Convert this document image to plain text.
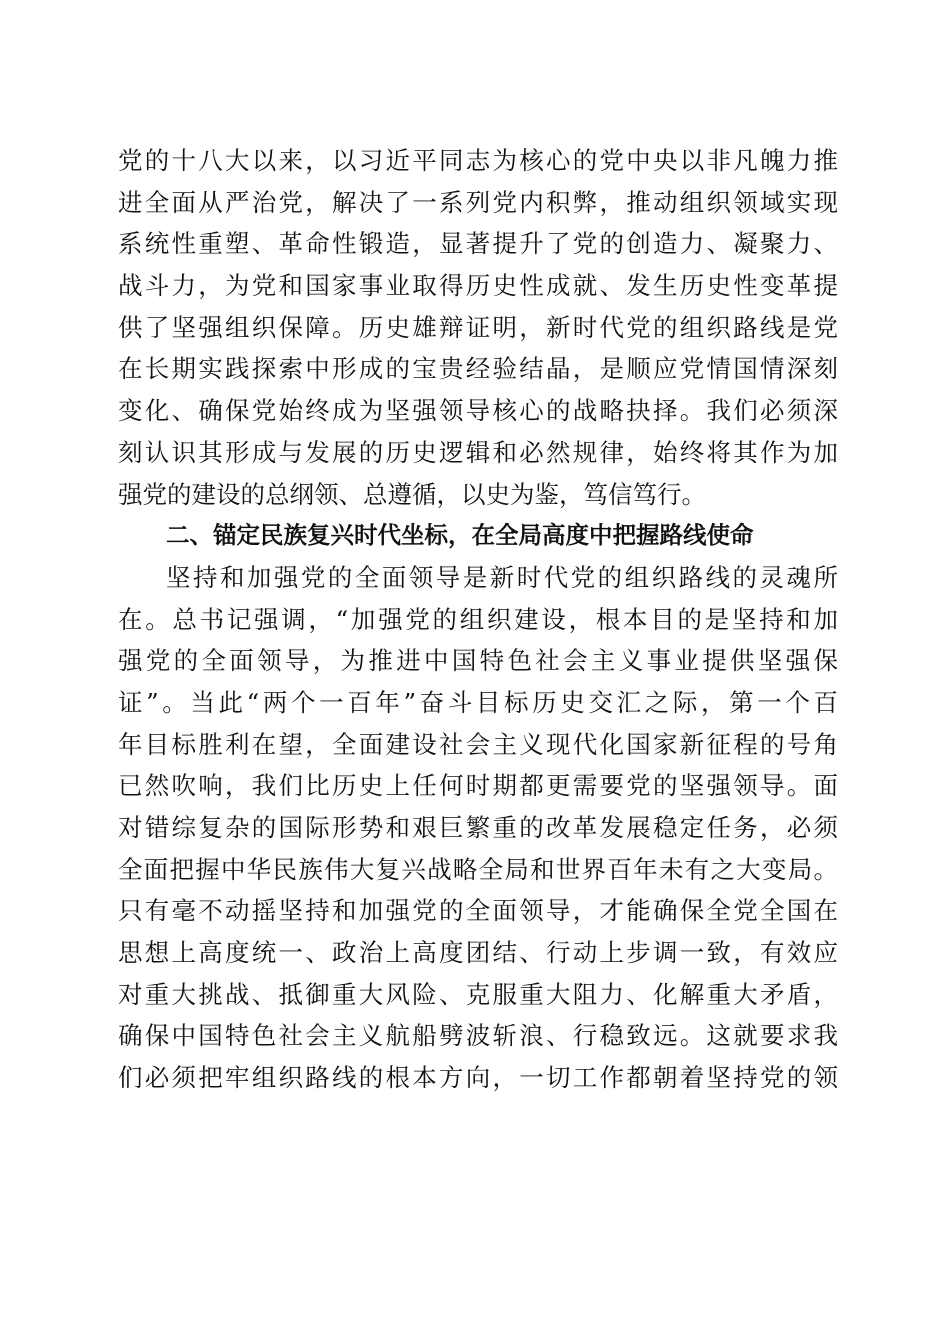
党的十八大以来，以习近平同志为核心的党中央以非凡魄力推
进全面从严治党，解决了一系列党内积弊，推动组织领域实现
系统性重塑、革命性锻造，显著提升了党的创造力、凝聚力、
战斗力，为党和国家事业取得历史性成就、发生历史性变革提
供了坚强组织保障。历史雄辩证明，新时代党的组织路线是党
在长期实践探索中形成的宝贵经验结晶，是顺应党情国情深刻
变化、确保党始终成为坚强领导核心的战略抉择。我们必须深
刻认识其形成与发展的历史逻辑和必然规律，始终将其作为加
强党的建设的总纲领、总遵循，以史为鉴，笃信笃行。
二、锚定民族复兴时代坐标，在全局高度中把握路线使命
坚持和加强党的全面领导是新时代党的组织路线的灵魂所
在。总书记强调，“加强党的组织建设，根本目的是坚持和加
强党的全面领导，为推进中国特色社会主义事业提供坚强保
证”。当此“两个一百年”奋斗目标历史交汇之际，第一个百
年目标胜利在望，全面建设社会主义现代化国家新征程的号角
已然吹响，我们比历史上任何时期都更需要党的坚强领导。面
对错综复杂的国际形势和艰巨繁重的改革发展稳定任务，必须
全面把握中华民族伟大复兴战略全局和世界百年未有之大变局。
只有毫不动摇坚持和加强党的全面领导，才能确保全党全国在
思想上高度统一、政治上高度团结、行动上步调一致，有效应
对重大挑战、抵御重大风险、克服重大阻力、化解重大矛盾，
确保中国特色社会主义航船劈波斩浪、行稳致远。这就要求我
们必须把牢组织路线的根本方向，一切工作都朝着坚持党的领
